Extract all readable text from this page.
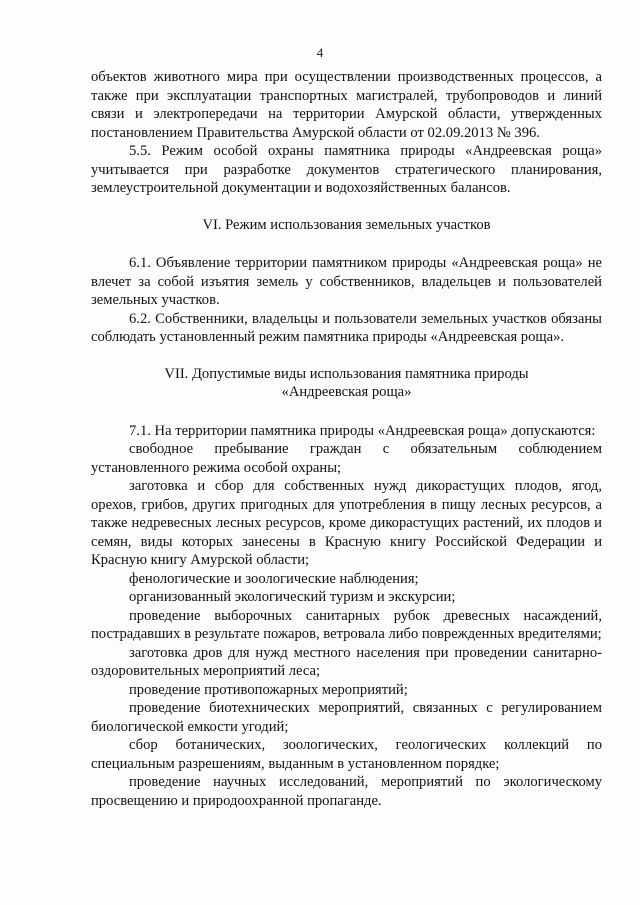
4

объектов животного мира при осуществлении производственных процессов, а также при эксплуатации транспортных магистралей, трубопроводов и линий связи и электропередачи на территории Амурской области, утвержденных постановлением Правительства Амурской области от 02.09.2013 № 396.

5.5. Режим особой охраны памятника природы «Андреевская роща» учитывается при разработке документов стратегического планирования, землеустроительной документации и водохозяйственных балансов.

VI. Режим использования земельных участков

6.1. Объявление территории памятником природы «Андреевская роща» не влечет за собой изъятия земель у собственников, владельцев и пользователей земельных участков.

6.2. Собственники, владельцы и пользователи земельных участков обязаны соблюдать установленный режим памятника природы «Андреевская роща».

VII. Допустимые виды использования памятника природы

«Андреевская роща»

7.1. На территории памятника природы «Андреевская роща» допускаются:

свободное пребывание граждан с обязательным соблюдением установленного режима особой охраны;

заготовка и сбор для собственных нужд дикорастущих плодов, ягод, орехов, грибов, других пригодных для употребления в пищу лесных ресурсов, а также недревесных лесных ресурсов, кроме дикорастущих растений, их плодов и семян, виды которых занесены в Красную книгу Российской Федерации и Красную книгу Амурской области;

фенологические и зоологические наблюдения;

организованный экологический туризм и экскурсии;

проведение выборочных санитарных рубок древесных насаждений, пострадавших в результате пожаров, ветровала либо поврежденных вредителями;

заготовка дров для нужд местного населения при проведении санитарно-оздоровительных мероприятий леса;

проведение противопожарных мероприятий;

проведение биотехнических мероприятий, связанных с регулированием биологической емкости угодий;

сбор ботанических, зоологических, геологических коллекций по специальным разрешениям, выданным в установленном порядке;

проведение научных исследований, мероприятий по экологическому просвещению и природоохранной пропаганде.
